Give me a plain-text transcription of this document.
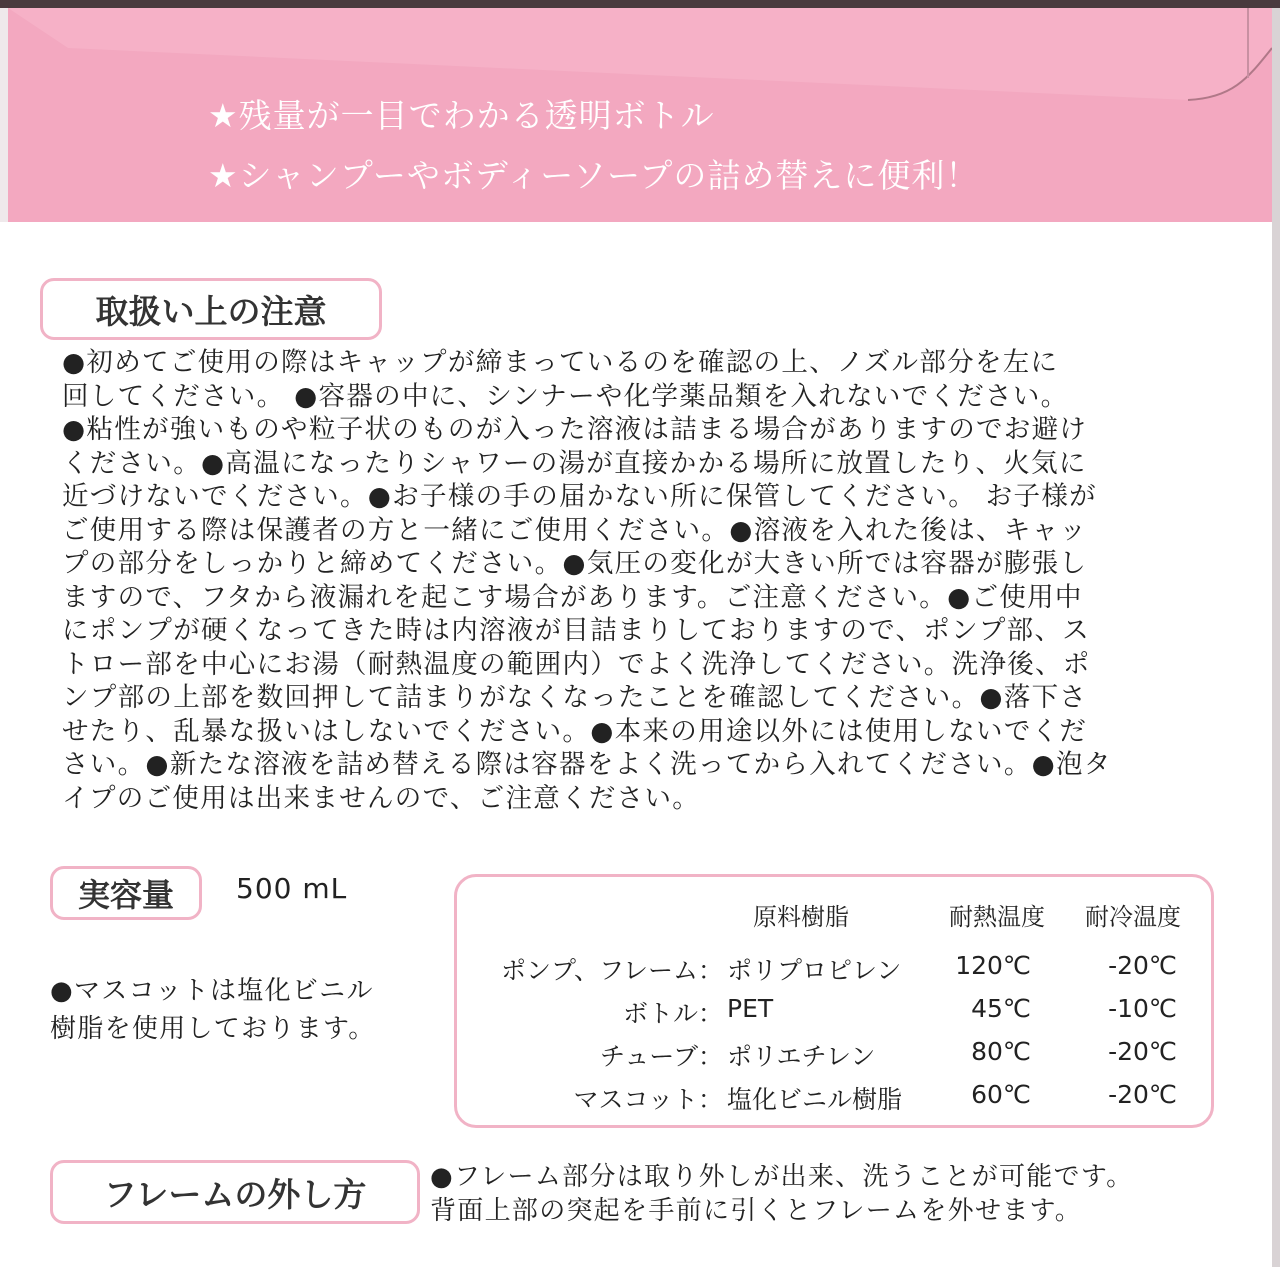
★残量が一目でわかる透明ボトル
★シャンプーやボディーソープの詰め替えに便利！
取扱い上の注意
●初めてご使用の際はキャップが締まっているのを確認の上、ノズル部分を左に
回してください。 ●容器の中に、シンナーや化学薬品類を入れないでください。
●粘性が強いものや粒子状のものが入った溶液は詰まる場合がありますのでお避け
ください。●高温になったりシャワーの湯が直接かかる場所に放置したり、火気に
近づけないでください。●お子様の手の届かない所に保管してください。 お子様が
ご使用する際は保護者の方と一緒にご使用ください。●溶液を入れた後は、キャッ
プの部分をしっかりと締めてください。●気圧の変化が大きい所では容器が膨張し
ますので、フタから液漏れを起こす場合があります。ご注意ください。●ご使用中
にポンプが硬くなってきた時は内溶液が目詰まりしておりますので、ポンプ部、ス
トロー部を中心にお湯（耐熱温度の範囲内）でよく洗浄してください。洗浄後、ポ
ンプ部の上部を数回押して詰まりがなくなったことを確認してください。●落下さ
せたり、乱暴な扱いはしないでください。●本来の用途以外には使用しないでくだ
さい。●新たな溶液を詰め替える際は容器をよく洗ってから入れてください。●泡タ
イプのご使用は出来ませんので、ご注意ください。
実容量	500 mL
●マスコットは塩化ビニル
樹脂を使用しております。
原料樹脂	耐熱温度 耐冷温度
ポンプ、フレーム： ポリプロピレン 120℃	-20℃
ボトル： PET	45℃	-10℃
チューブ： ポリエチレン	80℃	-20℃
マスコット： 塩化ビニル樹脂	60℃	-20℃
フレームの外し方	●フレーム部分は取り外しが出来、洗うことが可能です。
背面上部の突起を手前に引くとフレームを外せます。
